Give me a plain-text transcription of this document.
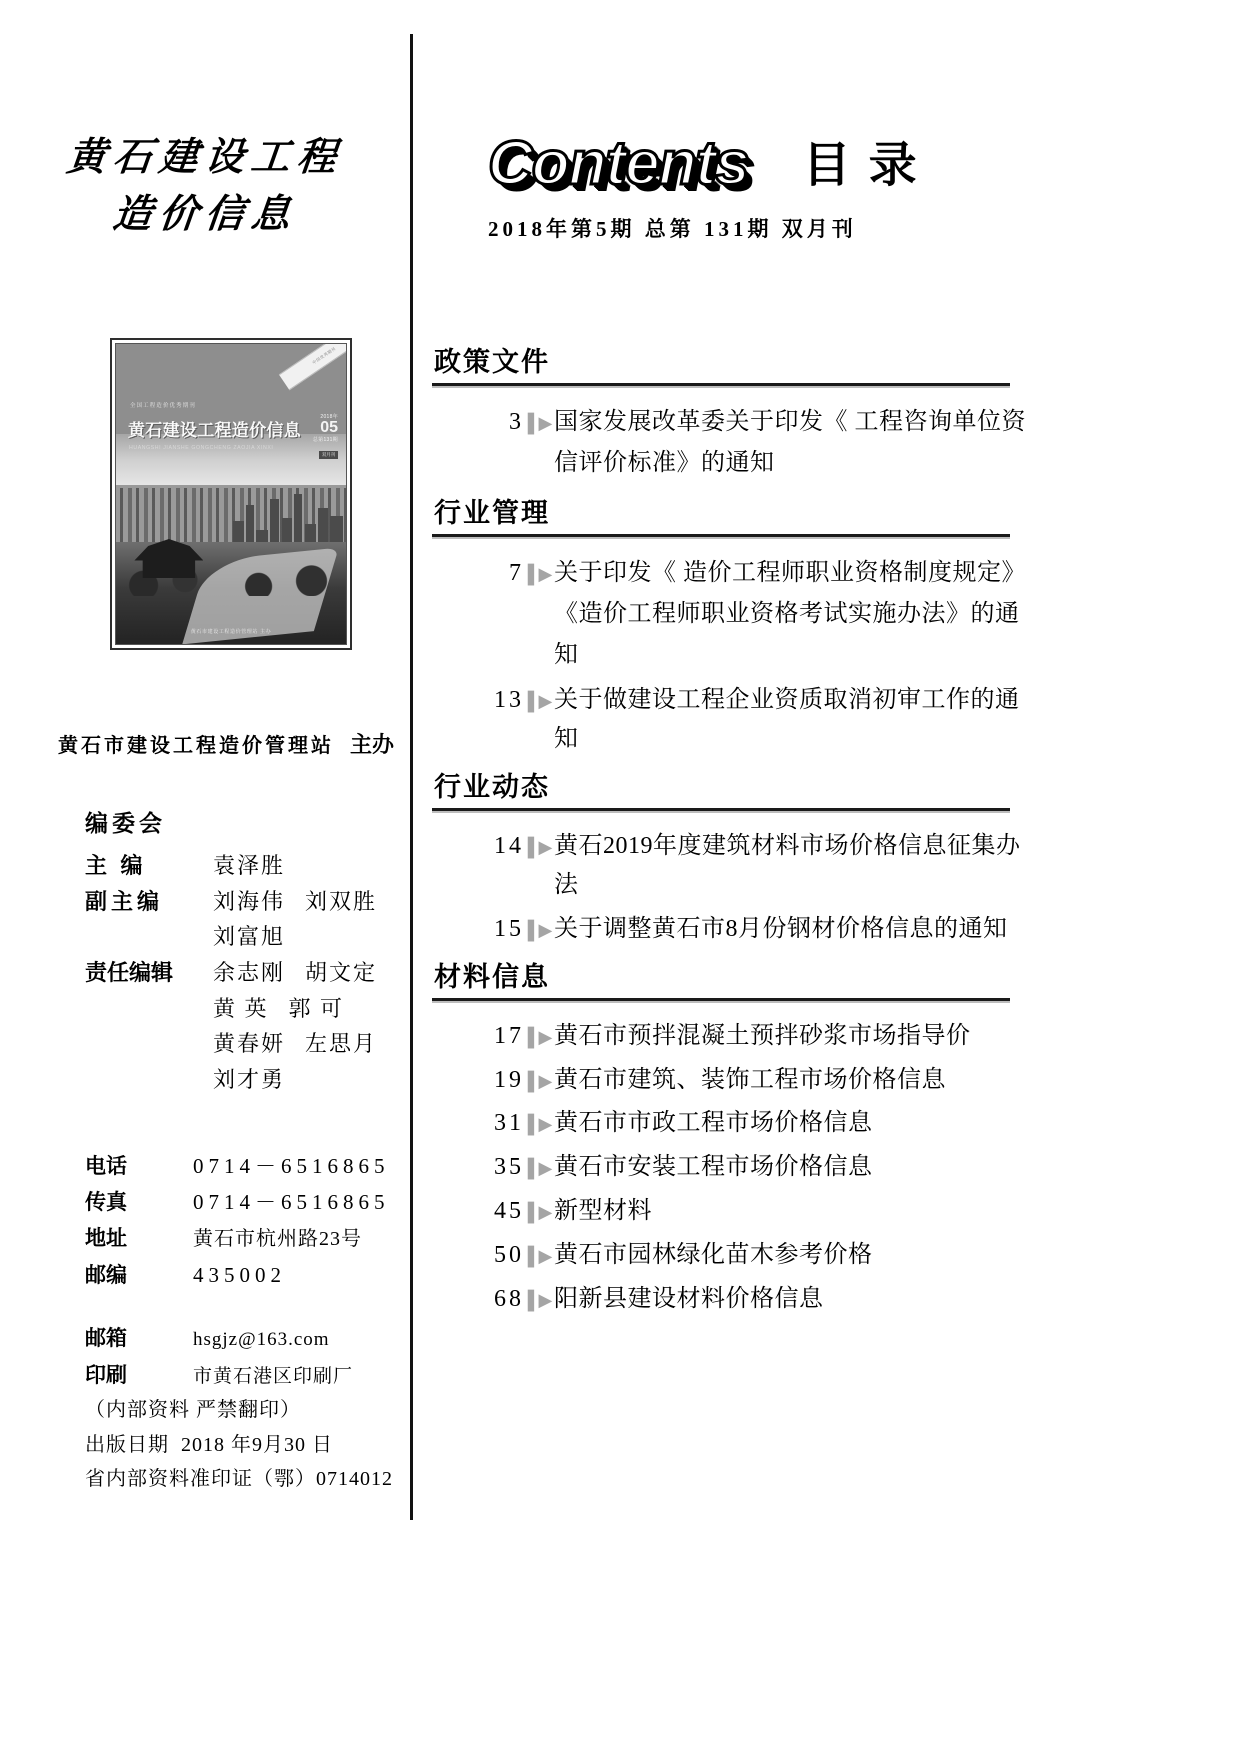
黄石建设工程
造价信息
中国优秀期刊
全国工程造价优秀期刊
黄石建设工程造价信息
HUANGSHI JIANSHE GONGCHENG ZAOJIA XINXI
2018年
05
总第131期
双月刊
黄石市建设工程造价管理站 主办
黄石市建设工程造价管理站 主办
编委会
主 编	袁泽胜
副主编	刘海伟 刘双胜
刘富旭
责任编辑	余志刚 胡文定
黄 英 郭 可
黄春妍 左思月
刘才勇
电话	0714－6516865
传真	0714－6516865
地址	黄石市杭州路23号
邮编	435002
邮箱	hsgjz@163.com
印刷	市黄石港区印刷厂
（内部资料 严禁翻印）
出版日期 2018 年9月30 日
省内部资料准印证（鄂）0714012
Contents 目录
2018年第5期 总第 131期 双月刊
政策文件
3 ▌▶ 国家发展改革委关于印发《 工程咨询单位资信评价标准》的通知
行业管理
7 ▌▶ 关于印发《 造价工程师职业资格制度规定》《造价工程师职业资格考试实施办法》的通知
13 ▌▶ 关于做建设工程企业资质取消初审工作的通知
行业动态
14 ▌▶ 黄石2019年度建筑材料市场价格信息征集办法
15 ▌▶ 关于调整黄石市8月份钢材价格信息的通知
材料信息
17 ▌▶ 黄石市预拌混凝土预拌砂浆市场指导价
19 ▌▶ 黄石市建筑、装饰工程市场价格信息
31 ▌▶ 黄石市市政工程市场价格信息
35 ▌▶ 黄石市安装工程市场价格信息
45 ▌▶ 新型材料
50 ▌▶ 黄石市园林绿化苗木参考价格
68 ▌▶ 阳新县建设材料价格信息
